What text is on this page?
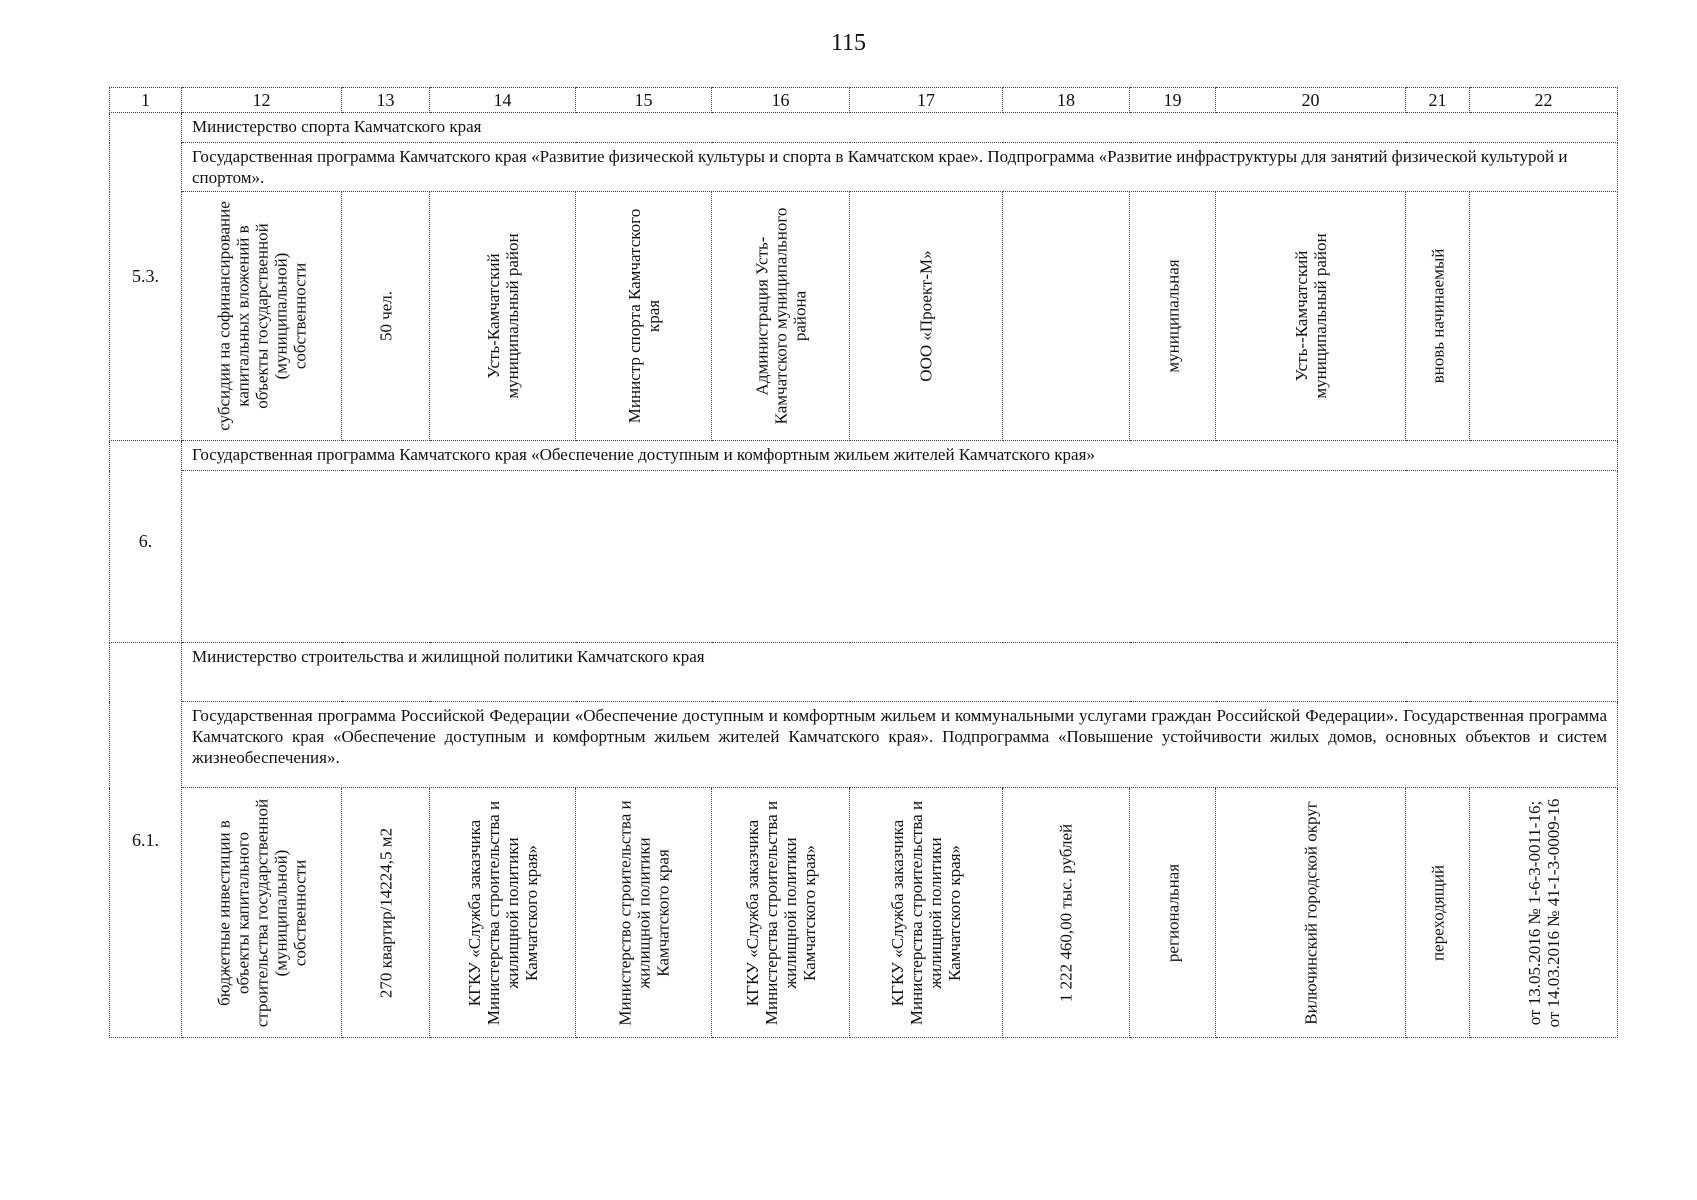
115
1	12	13	14	15	16	17	18	19	20	21	22
5.3.	Министерство спорта Камчатского края										
	Государственная программа Камчатского края «Развитие физической культуры и спорта в Камчатском крае». Подпрограмма «Развитие инфраструктуры для занятий физической культурой и спортом».										

	субсидии на софинансирование капитальных вложений в объекты государственной (муниципальной) собственности	50 чел.	Усть-Камчатский муниципальный район	Министр спорта Камчатского края	Администрация Усть-Камчатского муниципального района	ООО «Проект-М»		муниципальная	Усть--Камчатский муниципальный район	вновь начинаемый	

6.	Государственная программа Камчатского края «Обеспечение доступным и комфортным жильем жителей Камчатского края»										

6.1.	Министерство строительства и жилищной политики Камчатского края										
	Государственная программа Российской Федерации «Обеспечение доступным и комфортным жильем и коммунальными услугами граждан Российской Федерации». Государственная программа Камчатского края «Обеспечение доступным и комфортным жильем жителей Камчатского края». Подпрограмма «Повышение устойчивости жилых домов, основных объектов и систем жизнеобеспечения».										

	бюджетные инвестиции в объекты капитального строительства государственной (муниципальной) собственности	270 квартир/14224,5 м2	КГКУ «Служба заказчика Министерства строительства и жилищной политики Камчатского края»	Министерство строительства и жилищной политики Камчатского края	КГКУ «Служба заказчика Министерства строительства и жилищной политики Камчатского края»	КГКУ «Служба заказчика Министерства строительства и жилищной политики Камчатского края»	1 222 460,00 тыс. рублей	региональная	Вилючинский городской округ	переходящий	от 13.05.2016 № 1-6-3-0011-16; от 14.03.2016 № 41-1-3-0009-16
